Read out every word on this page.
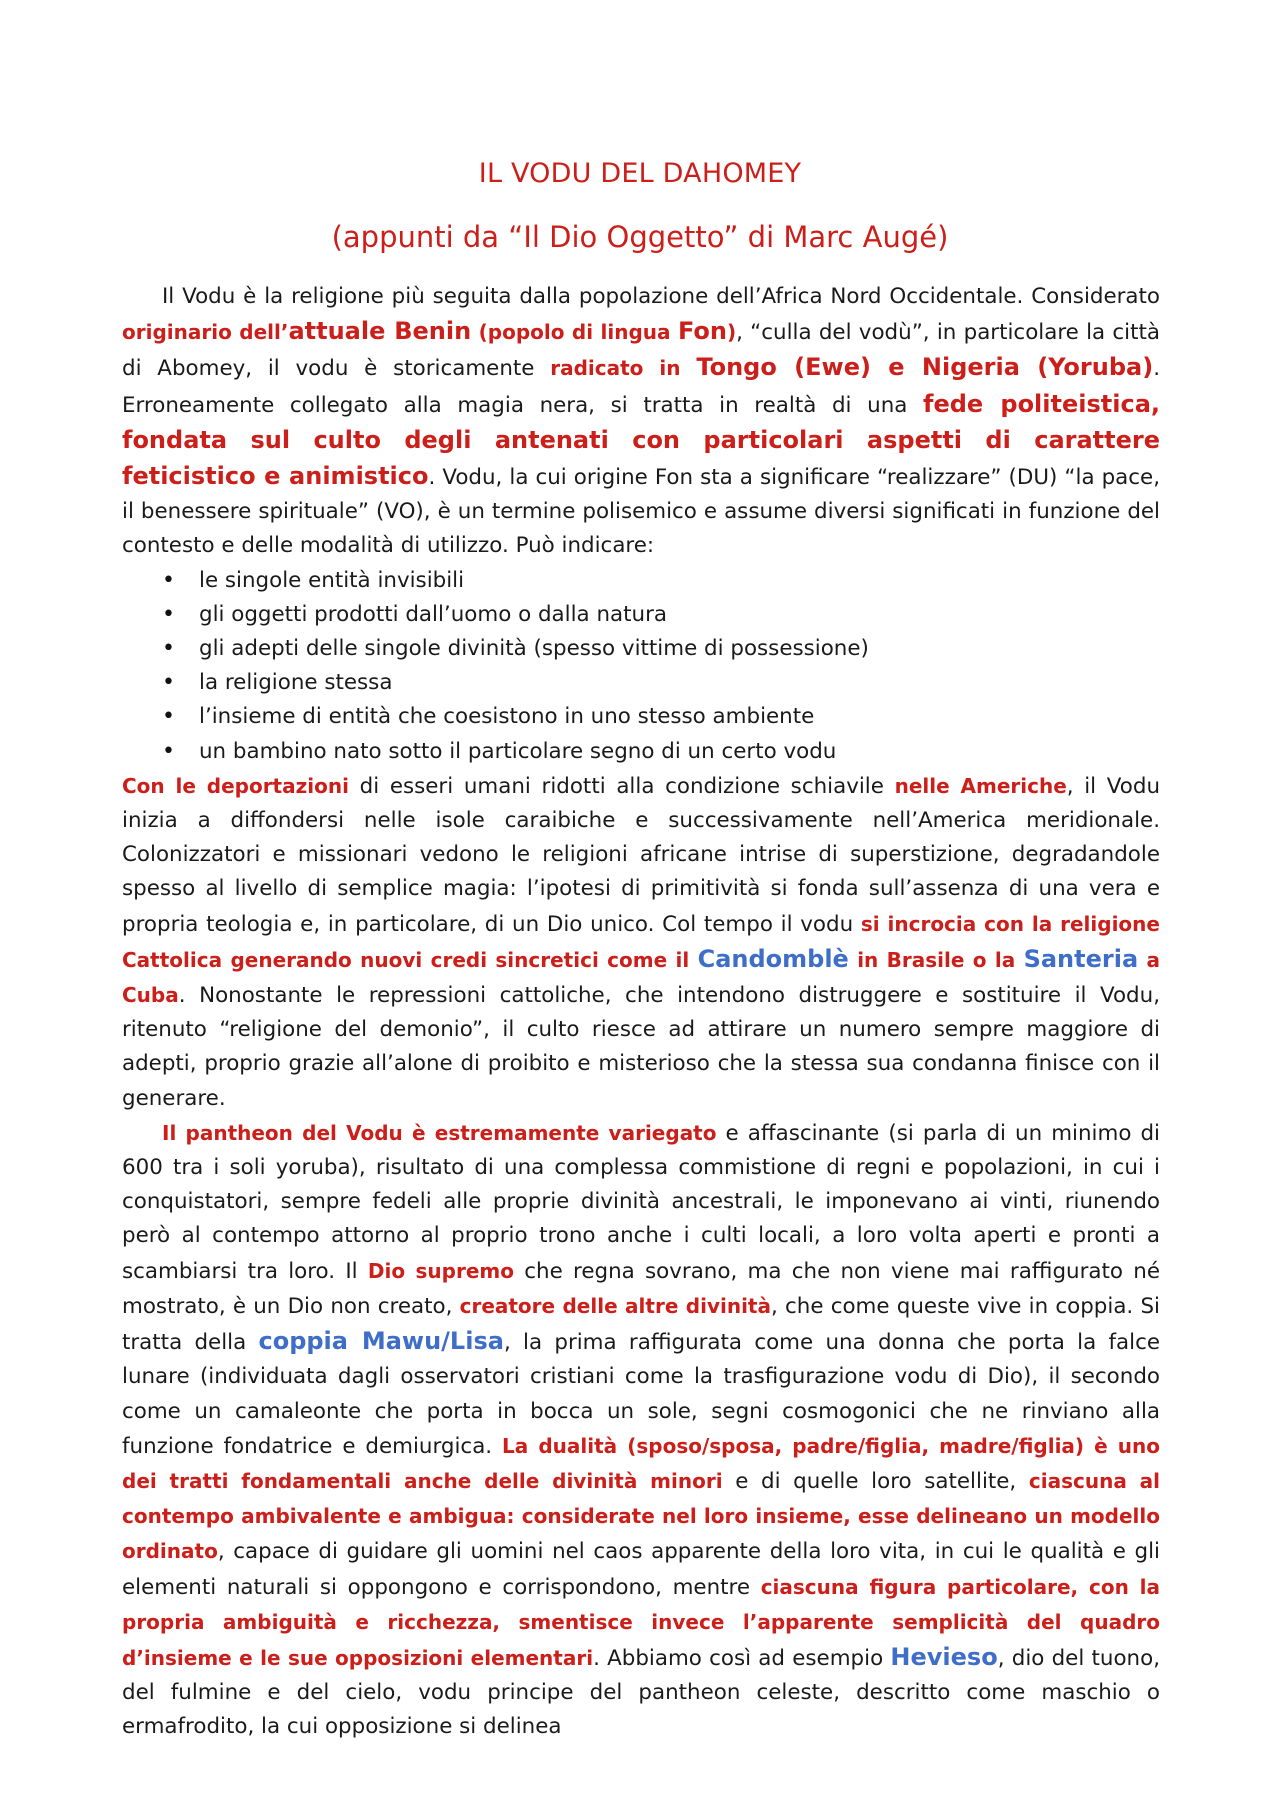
IL VODU DEL DAHOMEY
(appunti da “Il Dio Oggetto” di Marc Augé)

Il Vodu è la religione più seguita dalla popolazione dell’Africa Nord Occidentale. Considerato originario dell’attuale Benin (popolo di lingua Fon), “culla del vodù”, in particolare la città di Abomey, il vodu è storicamente radicato in Tongo (Ewe) e Nigeria (Yoruba). Erroneamente collegato alla magia nera, si tratta in realtà di una fede politeistica, fondata sul culto degli antenati con particolari aspetti di carattere feticistico e animistico. Vodu, la cui origine Fon sta a significare “realizzare” (DU) “la pace, il benessere spirituale” (VO), è un termine polisemico e assume diversi significati in funzione del contesto e delle modalità di utilizzo. Può indicare:

• le singole entità invisibili
• gli oggetti prodotti dall’uomo o dalla natura
• gli adepti delle singole divinità (spesso vittime di possessione)
• la religione stessa
• l’insieme di entità che coesistono in uno stesso ambiente
• un bambino nato sotto il particolare segno di un certo vodu

Con le deportazioni di esseri umani ridotti alla condizione schiavile nelle Americhe, il Vodu inizia a diffondersi nelle isole caraibiche e successivamente nell’America meridionale. Colonizzatori e missionari vedono le religioni africane intrise di superstizione, degradandole spesso al livello di semplice magia: l’ipotesi di primitività si fonda sull’assenza di una vera e propria teologia e, in particolare, di un Dio unico. Col tempo il vodu si incrocia con la religione Cattolica generando nuovi credi sincretici come il Candomblè in Brasile o la Santeria a Cuba. Nonostante le repressioni cattoliche, che intendono distruggere e sostituire il Vodu, ritenuto “religione del demonio”, il culto riesce ad attirare un numero sempre maggiore di adepti, proprio grazie all’alone di proibito e misterioso che la stessa sua condanna finisce con il generare.

Il pantheon del Vodu è estremamente variegato e affascinante (si parla di un minimo di 600 tra i soli yoruba), risultato di una complessa commistione di regni e popolazioni, in cui i conquistatori, sempre fedeli alle proprie divinità ancestrali, le imponevano ai vinti, riunendo però al contempo attorno al proprio trono anche i culti locali, a loro volta aperti e pronti a scambiarsi tra loro. Il Dio supremo che regna sovrano, ma che non viene mai raffigurato né mostrato, è un Dio non creato, creatore delle altre divinità, che come queste vive in coppia. Si tratta della coppia Mawu/Lisa, la prima raffigurata come una donna che porta la falce lunare (individuata dagli osservatori cristiani come la trasfigurazione vodu di Dio), il secondo come un camaleonte che porta in bocca un sole, segni cosmogonici che ne rinviano alla funzione fondatrice e demiurgica. La dualità (sposo/sposa, padre/figlia, madre/figlia) è uno dei tratti fondamentali anche delle divinità minori e di quelle loro satellite, ciascuna al contempo ambivalente e ambigua: considerate nel loro insieme, esse delineano un modello ordinato, capace di guidare gli uomini nel caos apparente della loro vita, in cui le qualità e gli elementi naturali si oppongono e corrispondono, mentre ciascuna figura particolare, con la propria ambiguità e ricchezza, smentisce invece l’apparente semplicità del quadro d’insieme e le sue opposizioni elementari. Abbiamo così ad esempio Hevieso, dio del tuono, del fulmine e del cielo, vodu principe del pantheon celeste, descritto come maschio o ermafrodito, la cui opposizione si delinea
